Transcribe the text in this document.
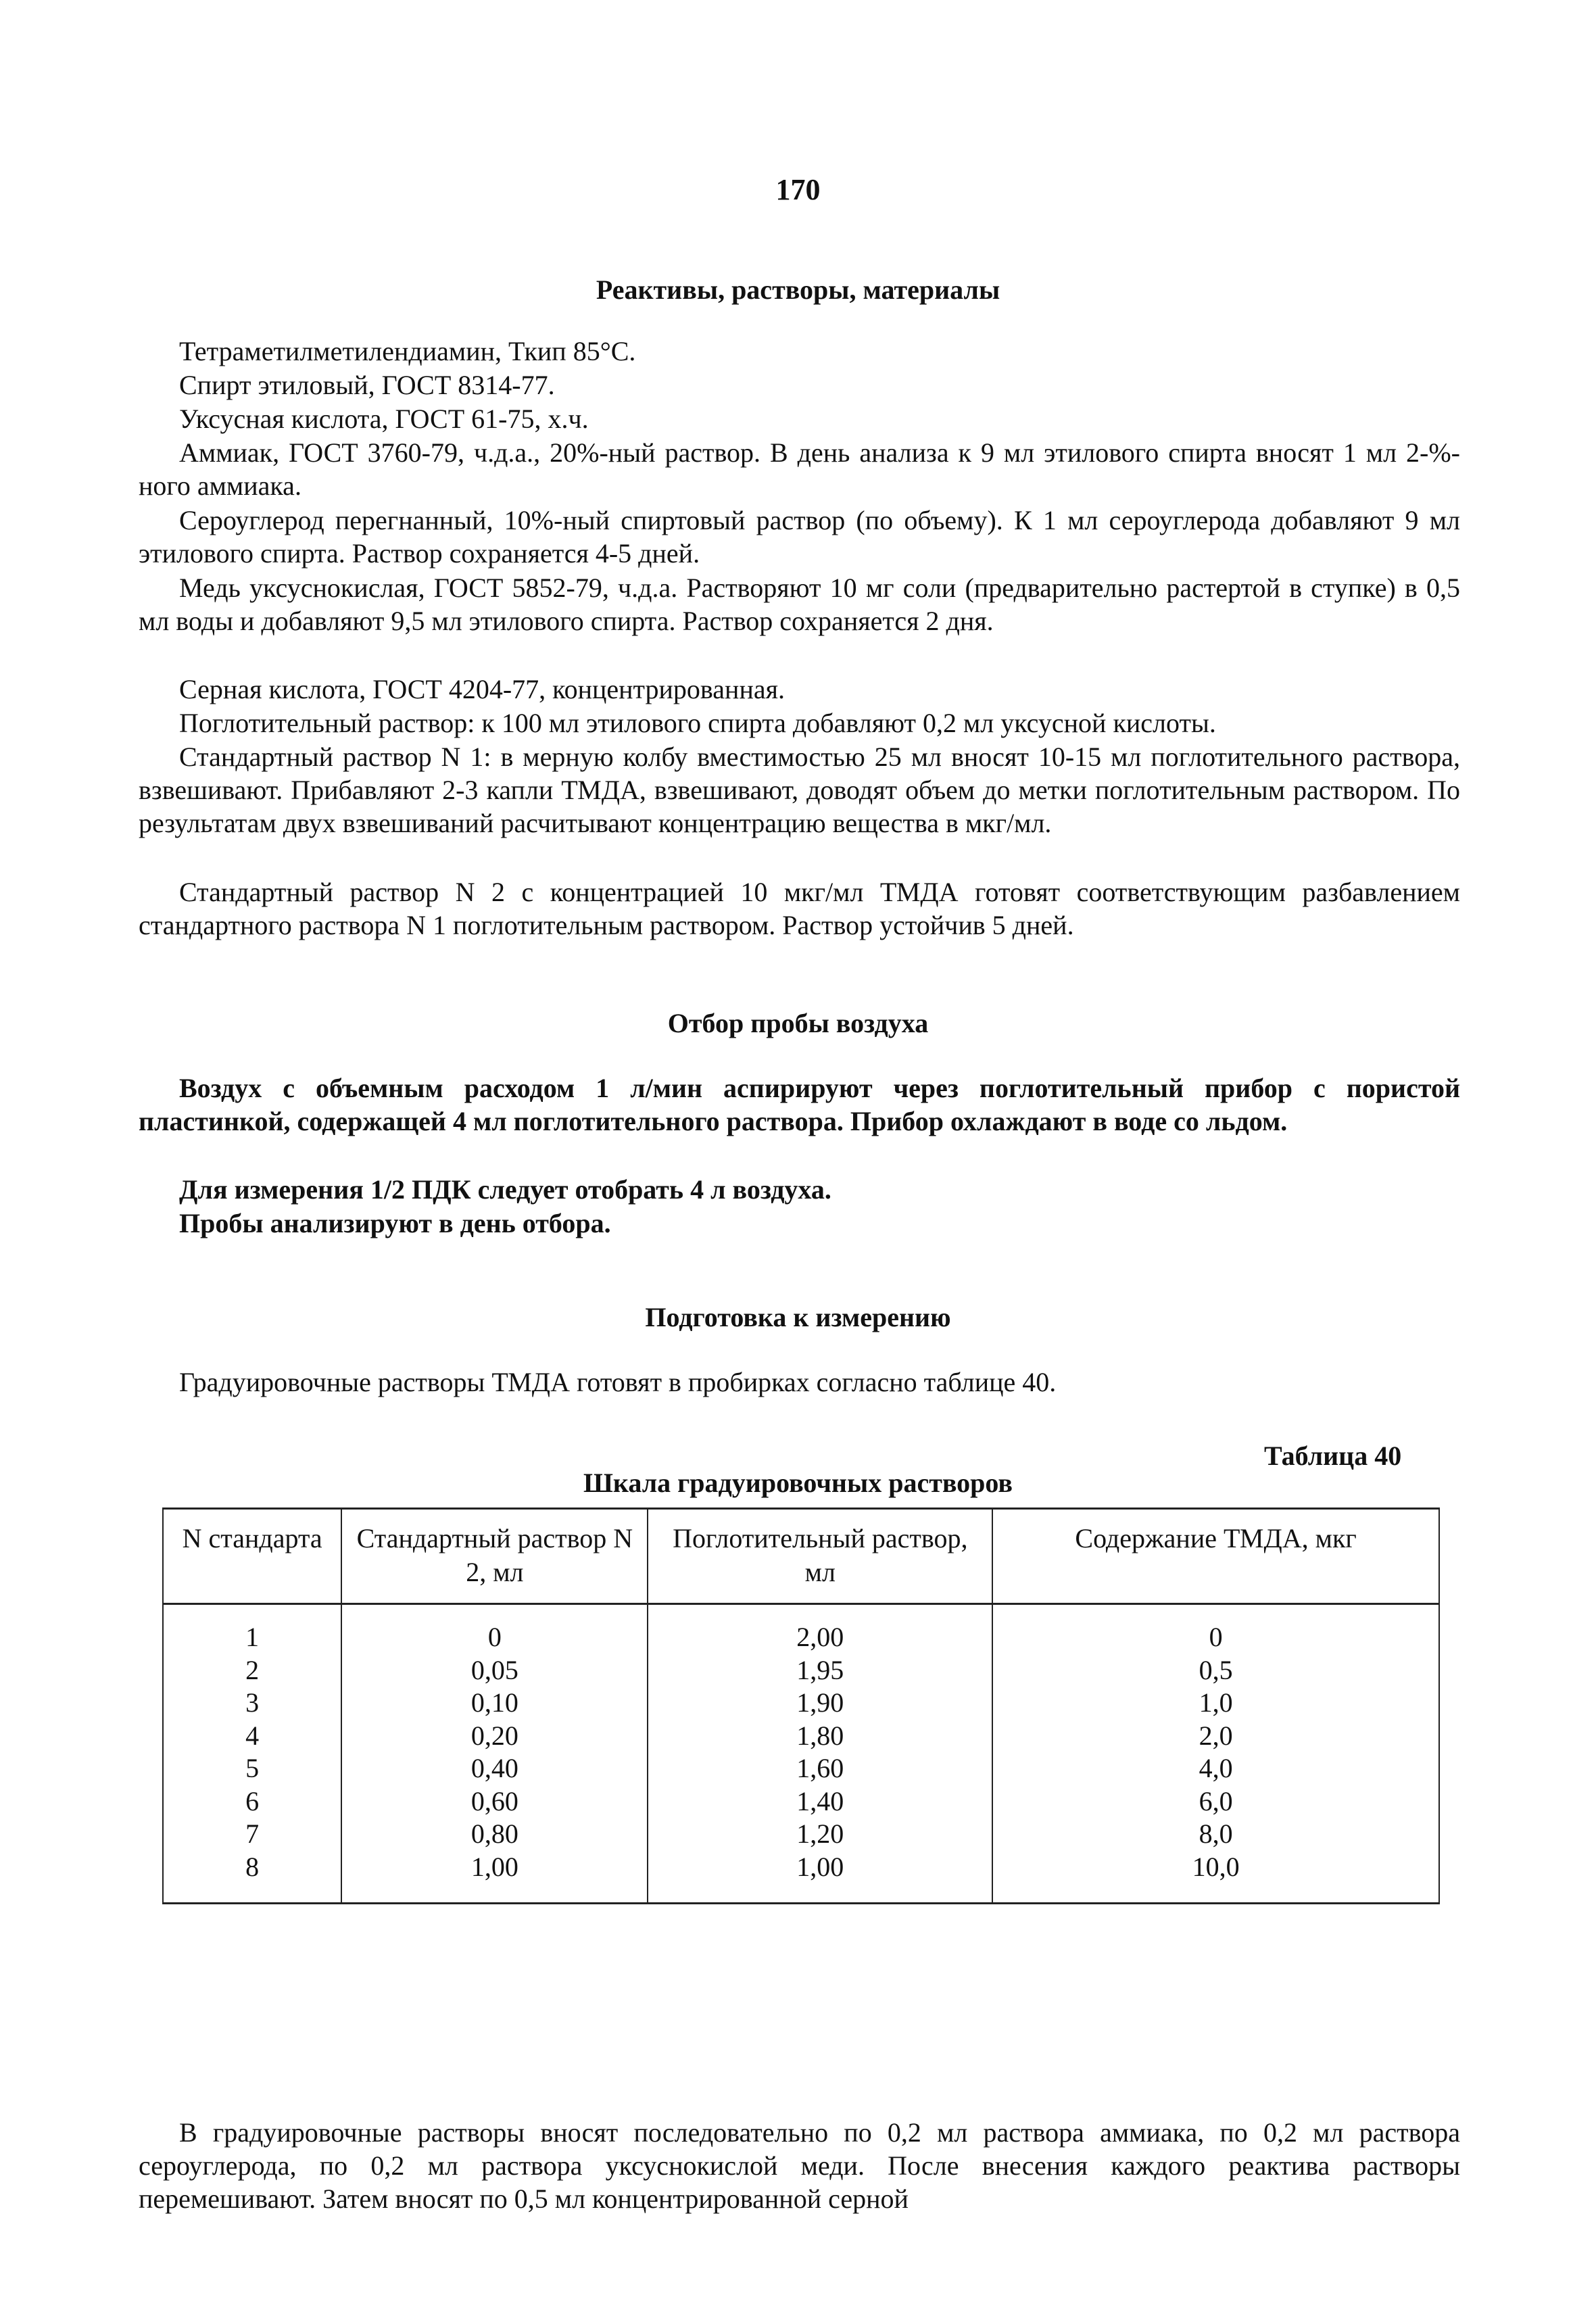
170
Реактивы, растворы, материалы
Тетраметилметилендиамин, Ткип 85°С.
Спирт этиловый, ГОСТ 8314-77.
Уксусная кислота, ГОСТ 61-75, х.ч.
Аммиак, ГОСТ 3760-79, ч.д.а., 20%-ный раствор. В день анализа к 9 мл этилового спирта вносят 1 мл 2-%-ного аммиака.
Сероуглерод перегнанный, 10%-ный спиртовый раствор (по объему). К 1 мл сероуглерода добавляют 9 мл этилового спирта. Раствор сохраняется 4-5 дней.
Медь уксуснокислая, ГОСТ 5852-79, ч.д.а. Растворяют 10 мг соли (предварительно растертой в ступке) в 0,5 мл воды и добавляют 9,5 мл этилового спирта. Раствор сохраняется 2 дня.
Серная кислота, ГОСТ 4204-77, концентрированная.
Поглотительный раствор: к 100 мл этилового спирта добавляют 0,2 мл уксусной кислоты.
Стандартный раствор N 1: в мерную колбу вместимостью 25 мл вносят 10-15 мл поглотительного раствора, взвешивают. Прибавляют 2-3 капли ТМДА, взвешивают, доводят объем до метки поглотительным раствором. По результатам двух взвешиваний расчитывают концентрацию вещества в мкг/мл.
Стандартный раствор N 2 с концентрацией 10 мкг/мл ТМДА готовят соответствующим разбавлением стандартного раствора N 1 поглотительным раствором. Раствор устойчив 5 дней.
Отбор пробы воздуха
Воздух с объемным расходом 1 л/мин аспирируют через поглотительный прибор с пористой пластинкой, содержащей 4 мл поглотительного раствора. Прибор охлаждают в воде со льдом.
Для измерения 1/2 ПДК следует отобрать 4 л воздуха.
Пробы анализируют в день отбора.
Подготовка к измерению
Градуировочные растворы ТМДА готовят в пробирках согласно таблице 40.
Таблица 40
Шкала градуировочных растворов
N стандарта	Стандартный раствор N 2, мл	Поглотительный раствор, мл	Содержание ТМДА, мкг
1	0	2,00	0
2	0,05	1,95	0,5
3	0,10	1,90	1,0
4	0,20	1,80	2,0
5	0,40	1,60	4,0
6	0,60	1,40	6,0
7	0,80	1,20	8,0
8	1,00	1,00	10,0
В градуировочные растворы вносят последовательно по 0,2 мл раствора аммиака, по 0,2 мл раствора сероуглерода, по 0,2 мл раствора уксуснокислой меди. После внесения каждого реактива растворы перемешивают. Затем вносят по 0,5 мл концентрированной серной
